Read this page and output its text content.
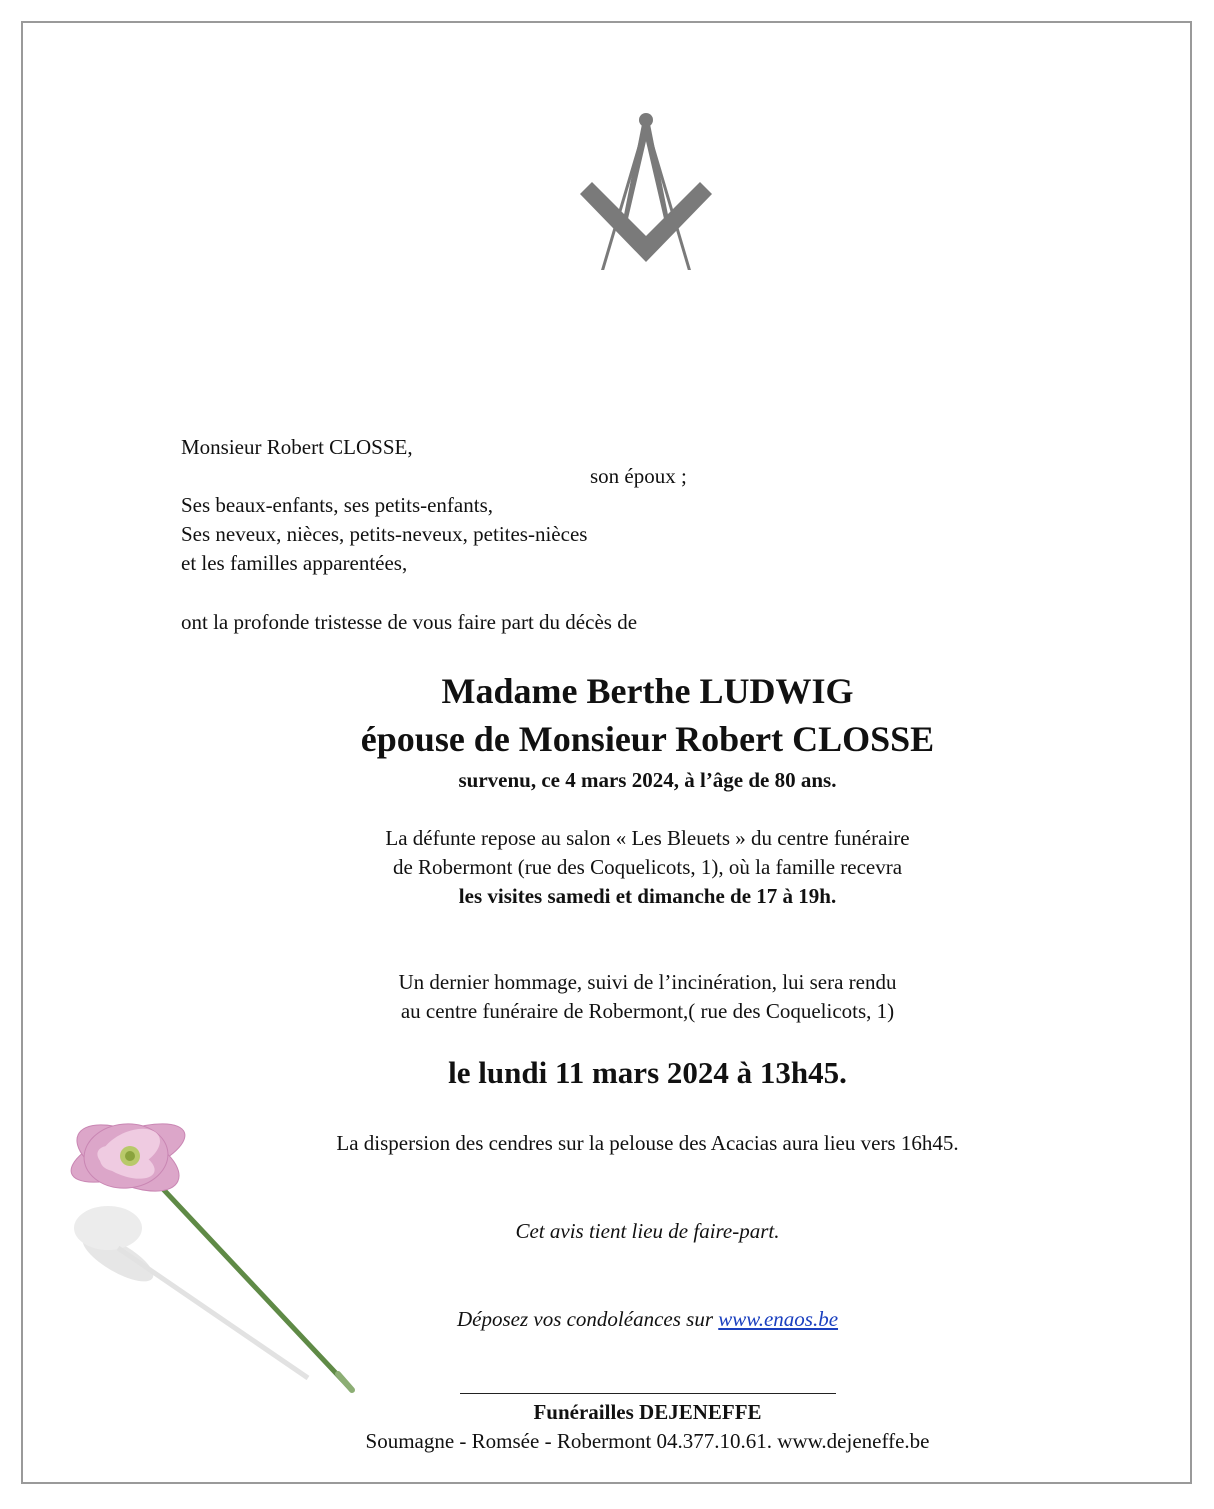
Monsieur Robert CLOSSE,
son époux ;
Ses beaux-enfants, ses petits-enfants,
Ses neveux, nièces, petits-neveux, petites-nièces
et les familles apparentées,
ont la profonde tristesse de vous faire part du décès de
Madame Berthe LUDWIG
épouse de Monsieur Robert CLOSSE
survenu, ce 4 mars 2024, à l’âge de 80 ans.
La défunte repose au salon « Les Bleuets » du centre funéraire
de Robermont (rue des Coquelicots, 1), où la famille recevra
les visites samedi et dimanche de 17 à 19h.
Un dernier hommage, suivi de l’incinération, lui sera rendu
au centre funéraire de Robermont,( rue des Coquelicots, 1)
le lundi 11 mars 2024 à 13h45.
La dispersion des cendres sur la pelouse des Acacias aura lieu vers 16h45.
Cet avis tient lieu de faire-part.
Déposez vos condoléances sur www.enaos.be
Funérailles DEJENEFFE
Soumagne - Romsée - Robermont 04.377.10.61. www.dejeneffe.be
